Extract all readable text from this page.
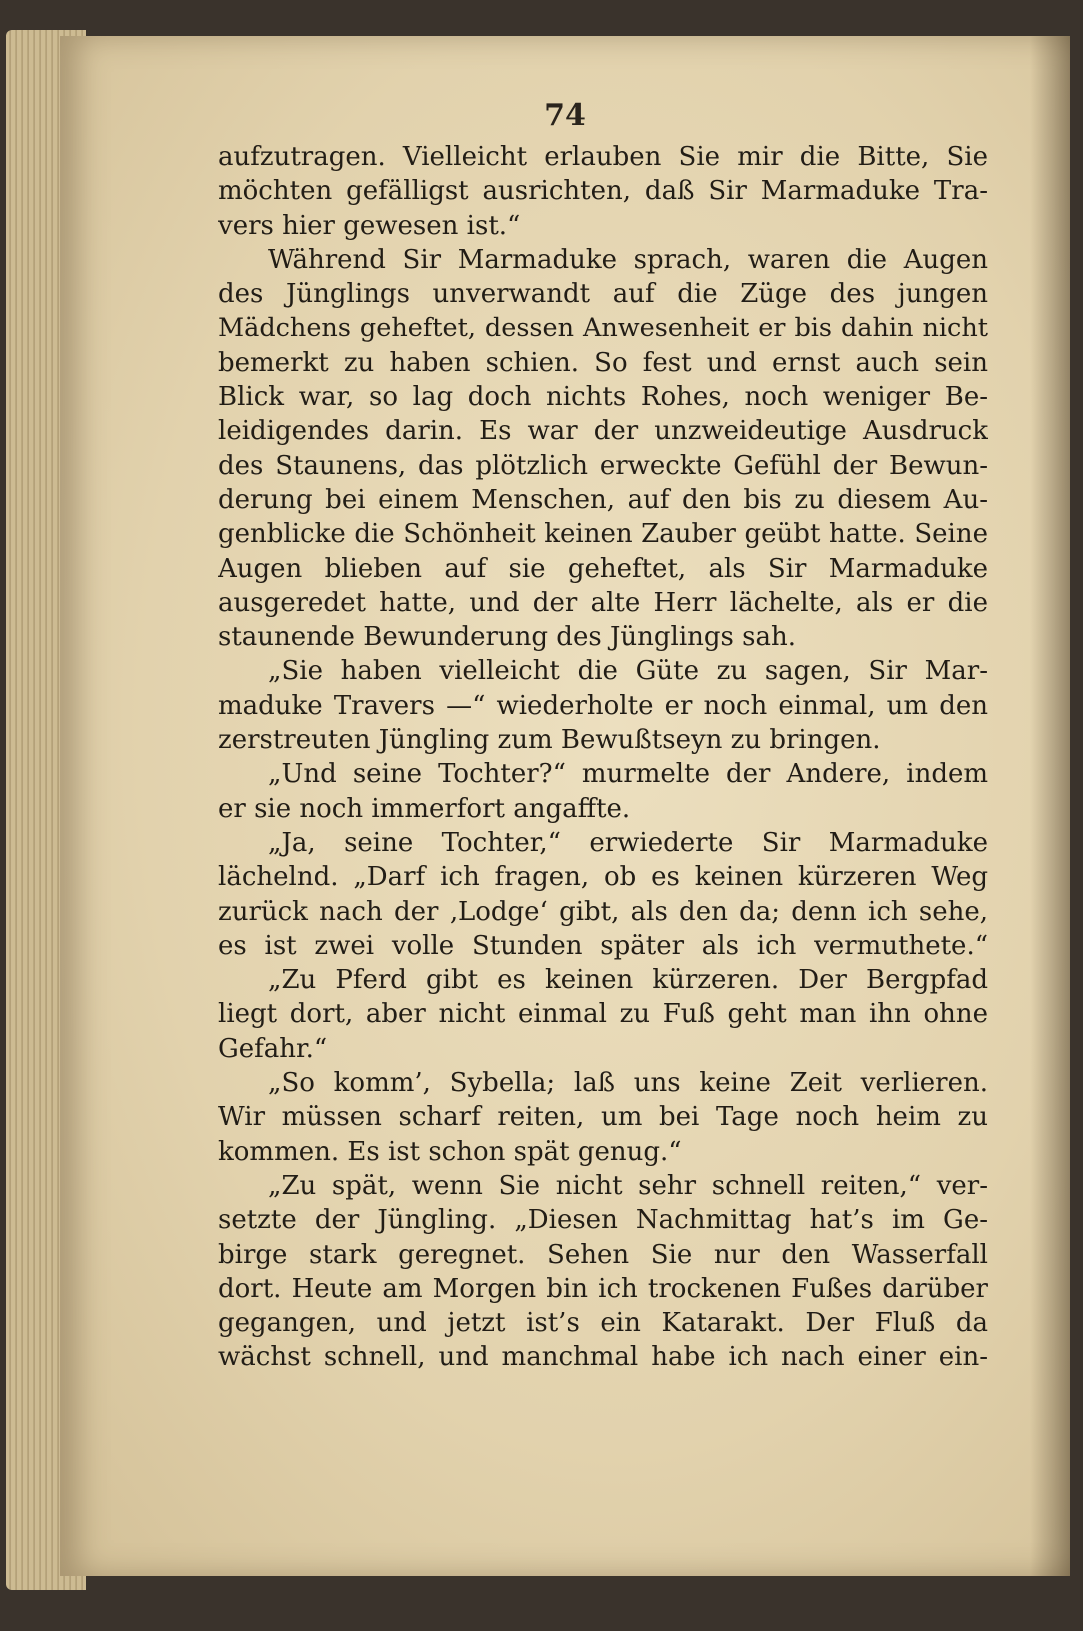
74
aufzutragen. Vielleicht erlauben Sie mir die Bitte, Sie
möchten gefälligst ausrichten, daß Sir Marmaduke Tra-
vers hier gewesen ist.“
Während Sir Marmaduke sprach, waren die Augen
des Jünglings unverwandt auf die Züge des jungen
Mädchens geheftet, dessen Anwesenheit er bis dahin nicht
bemerkt zu haben schien. So fest und ernst auch sein
Blick war, so lag doch nichts Rohes, noch weniger Be-
leidigendes darin. Es war der unzweideutige Ausdruck
des Staunens, das plötzlich erweckte Gefühl der Bewun-
derung bei einem Menschen, auf den bis zu diesem Au-
genblicke die Schönheit keinen Zauber geübt hatte. Seine
Augen blieben auf sie geheftet, als Sir Marmaduke
ausgeredet hatte, und der alte Herr lächelte, als er die
staunende Bewunderung des Jünglings sah.
„Sie haben vielleicht die Güte zu sagen, Sir Mar-
maduke Travers —“ wiederholte er noch einmal, um den
zerstreuten Jüngling zum Bewußtseyn zu bringen.
„Und seine Tochter?“ murmelte der Andere, indem
er sie noch immerfort angaffte.
„Ja, seine Tochter,“ erwiederte Sir Marmaduke
lächelnd. „Darf ich fragen, ob es keinen kürzeren Weg
zurück nach der ‚Lodge‘ gibt, als den da; denn ich sehe,
es ist zwei volle Stunden später als ich vermuthete.“
„Zu Pferd gibt es keinen kürzeren. Der Bergpfad
liegt dort, aber nicht einmal zu Fuß geht man ihn ohne
Gefahr.“
„So komm’, Sybella; laß uns keine Zeit verlieren.
Wir müssen scharf reiten, um bei Tage noch heim zu
kommen. Es ist schon spät genug.“
„Zu spät, wenn Sie nicht sehr schnell reiten,“ ver-
setzte der Jüngling. „Diesen Nachmittag hat’s im Ge-
birge stark geregnet. Sehen Sie nur den Wasserfall
dort. Heute am Morgen bin ich trockenen Fußes darüber
gegangen, und jetzt ist’s ein Katarakt. Der Fluß da
wächst schnell, und manchmal habe ich nach einer ein-
